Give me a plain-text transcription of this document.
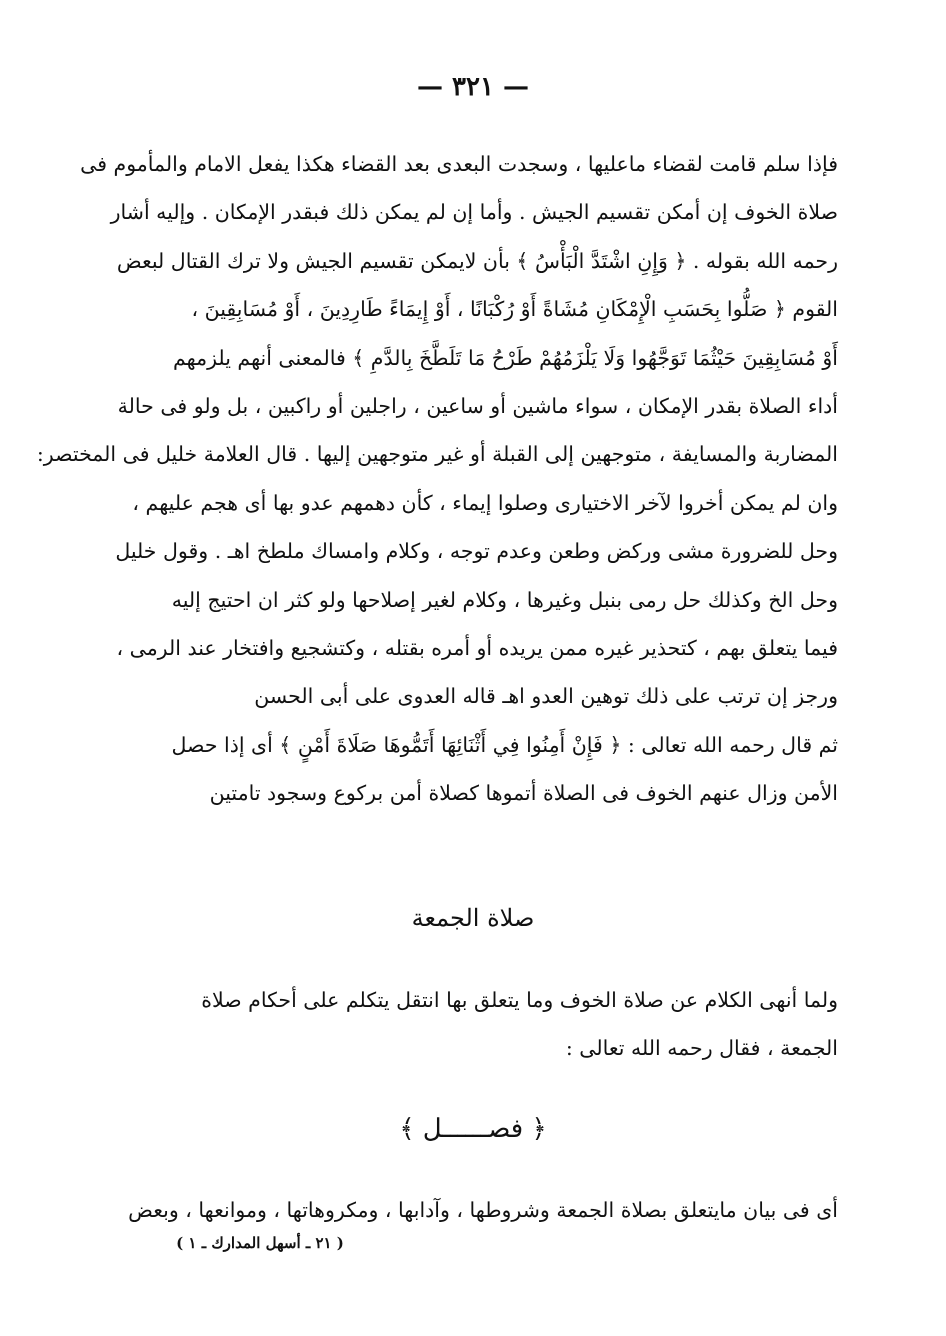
— ٣٢١ —
فإذا سلم قامت لقضاء ماعليها ، وسجدت البعدى بعد القضاء هكذا يفعل الامام والمأموم فى
صلاة الخوف إن أمكن تقسيم الجيش . وأما إن لم يمكن ذلك فبقدر الإمكان . وإليه أشار
رحمه الله بقوله . ﴿ وَإِنِ اشْتَدَّ الْبَأْسُ ﴾ بأن لايمكن تقسيم الجيش ولا ترك القتال لبعض
القوم ﴿ صَلُّوا بِحَسَبِ الْإِمْكَانِ مُشَاةً أَوْ رُكْبَانًا ، أَوْ إِيمَاءً طَارِدِينَ ، أَوْ مُسَابِقِينَ ،
أَوْ مُسَابِقِينَ حَيْثُمَا تَوَجَّهُوا وَلَا يَلْزَمُهُمْ طَرْحُ مَا تَلَطَّخَ بِالدَّمِ ﴾ فالمعنى أنهم يلزمهم
أداء الصلاة بقدر الإمكان ، سواء ماشين أو ساعين ، راجلين أو راكبين ، بل ولو فى حالة
المضاربة والمسايفة ، متوجهين إلى القبلة أو غير متوجهين إليها . قال العلامة خليل فى المختصر:
وان لم يمكن أخروا لآخر الاختيارى وصلوا إيماء ، كأن دهمهم عدو بها أى هجم عليهم ،
وحل للضرورة مشى وركض وطعن وعدم توجه ، وكلام وامساك ملطخ اهـ . وقول خليل
وحل الخ وكذلك حل رمى بنبل وغيرها ، وكلام لغير إصلاحها ولو كثر ان احتيج إليه
فيما يتعلق بهم ، كتحذير غيره ممن يريده أو أمره بقتله ، وكتشجيع وافتخار عند الرمى ،
ورجز إن ترتب على ذلك توهين العدو اهـ قاله العدوى على أبى الحسن
ثم قال رحمه الله تعالى : ﴿ فَإِنْ أَمِنُوا فِي أَثْنَائِهَا أَتَمُّوهَا صَلَاةَ أَمْنٍ ﴾ أى إذا حصل
الأمن وزال عنهم الخوف فى الصلاة أتموها كصلاة أمن بركوع وسجود تامتين
صلاة الجمعة
ولما أنهى الكلام عن صلاة الخوف وما يتعلق بها انتقل يتكلم على أحكام صلاة
الجمعة ، فقال رحمه الله تعالى :
﴿ فصــــــل ﴾
أى فى بيان مايتعلق بصلاة الجمعة وشروطها ، وآدابها ، ومكروهاتها ، وموانعها ، وبعض
( ٢١ ـ أسهل المدارك ـ ١ )
